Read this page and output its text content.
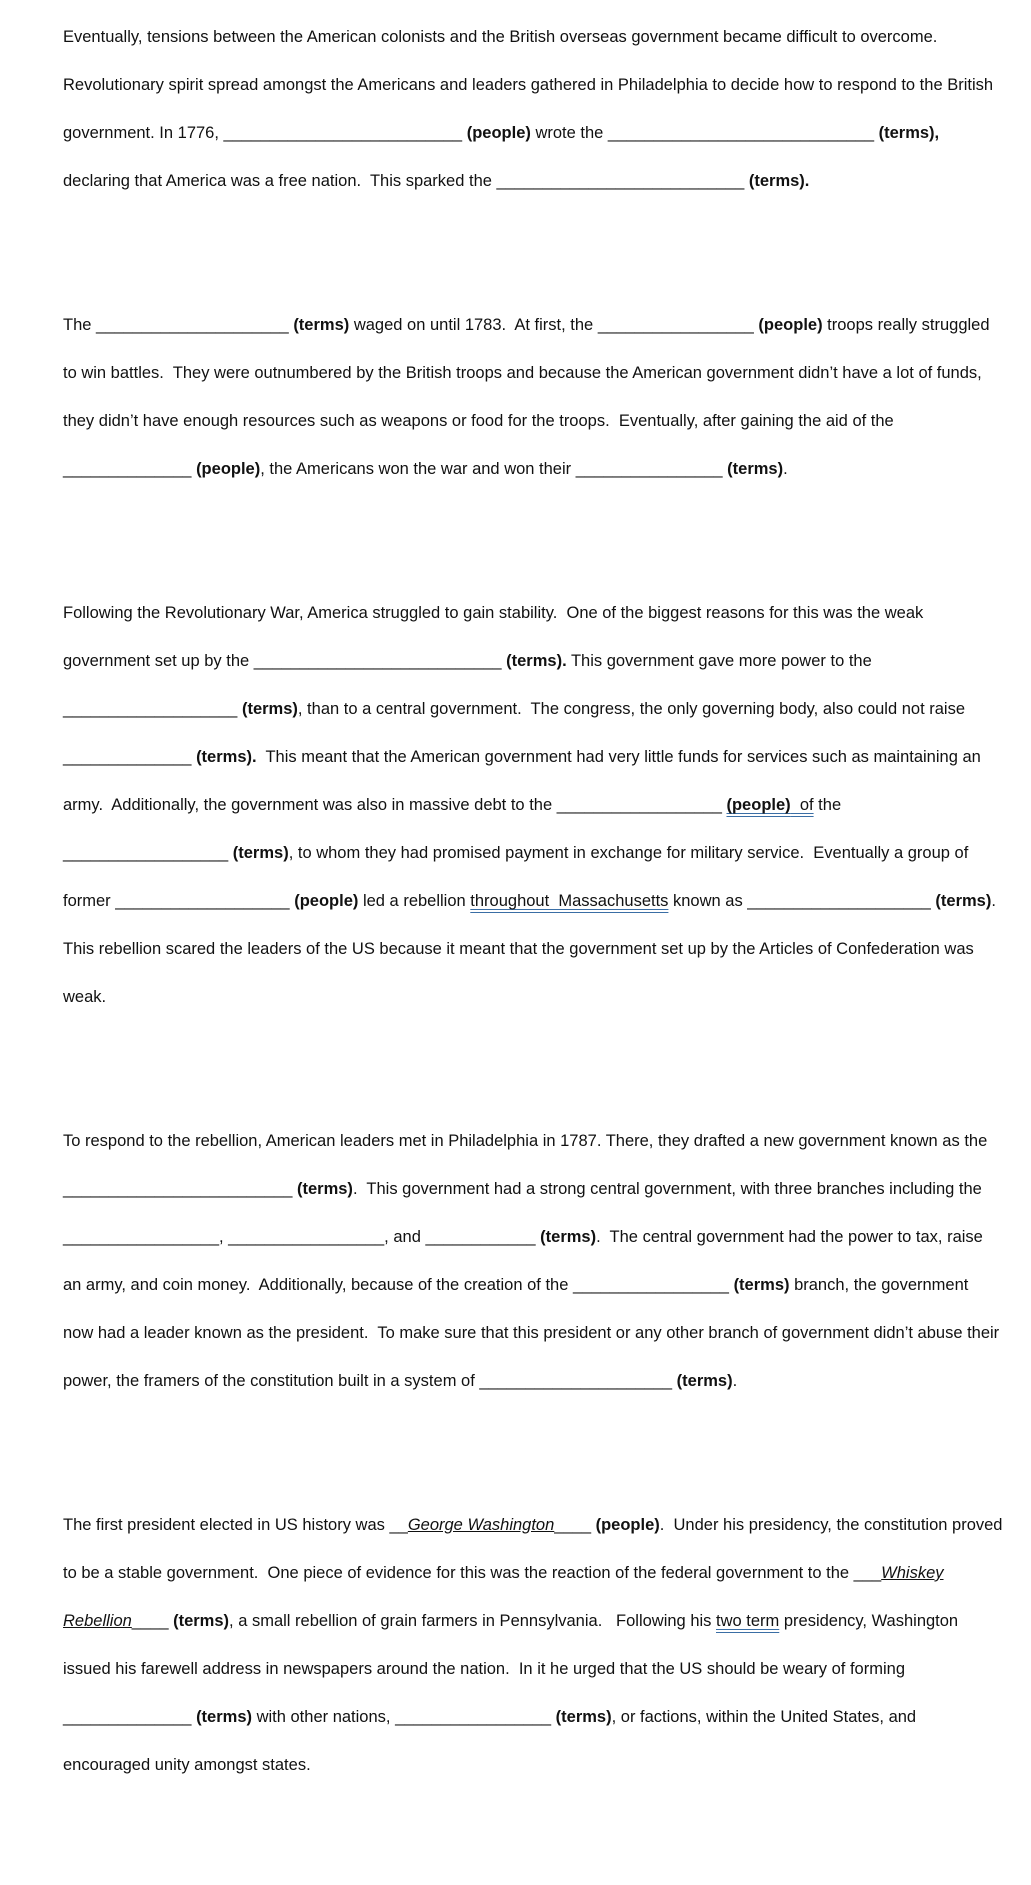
Eventually, tensions between the American colonists and the British overseas government became difficult to overcome.
Revolutionary spirit spread amongst the Americans and leaders gathered in Philadelphia to decide how to respond to the British
government. In 1776, __________________________ (people) wrote the _____________________________ (terms),
declaring that America was a free nation.  This sparked the ___________________________ (terms).
The _____________________ (terms) waged on until 1783.  At first, the _________________ (people) troops really struggled
to win battles.  They were outnumbered by the British troops and because the American government didn’t have a lot of funds,
they didn’t have enough resources such as weapons or food for the troops.  Eventually, after gaining the aid of the
______________ (people), the Americans won the war and won their ________________ (terms).
Following the Revolutionary War, America struggled to gain stability.  One of the biggest reasons for this was the weak
government set up by the ___________________________ (terms). This government gave more power to the
___________________ (terms), than to a central government.  The congress, the only governing body, also could not raise
______________ (terms).  This meant that the American government had very little funds for services such as maintaining an
army.  Additionally, the government was also in massive debt to the __________________ (people)  of the
__________________ (terms), to whom they had promised payment in exchange for military service.  Eventually a group of
former ___________________ (people) led a rebellion throughout  Massachusetts known as ____________________ (terms).
This rebellion scared the leaders of the US because it meant that the government set up by the Articles of Confederation was
weak.
To respond to the rebellion, American leaders met in Philadelphia in 1787. There, they drafted a new government known as the
_________________________ (terms).  This government had a strong central government, with three branches including the
_________________, _________________, and ____________ (terms).  The central government had the power to tax, raise
an army, and coin money.  Additionally, because of the creation of the _________________ (terms) branch, the government
now had a leader known as the president.  To make sure that this president or any other branch of government didn’t abuse their
power, the framers of the constitution built in a system of _____________________ (terms).
The first president elected in US history was __George Washington____ (people).  Under his presidency, the constitution proved
to be a stable government.  One piece of evidence for this was the reaction of the federal government to the ___Whiskey
Rebellion____ (terms), a small rebellion of grain farmers in Pennsylvania.   Following his two term presidency, Washington
issued his farewell address in newspapers around the nation.  In it he urged that the US should be weary of forming
______________ (terms) with other nations, _________________ (terms), or factions, within the United States, and
encouraged unity amongst states.
